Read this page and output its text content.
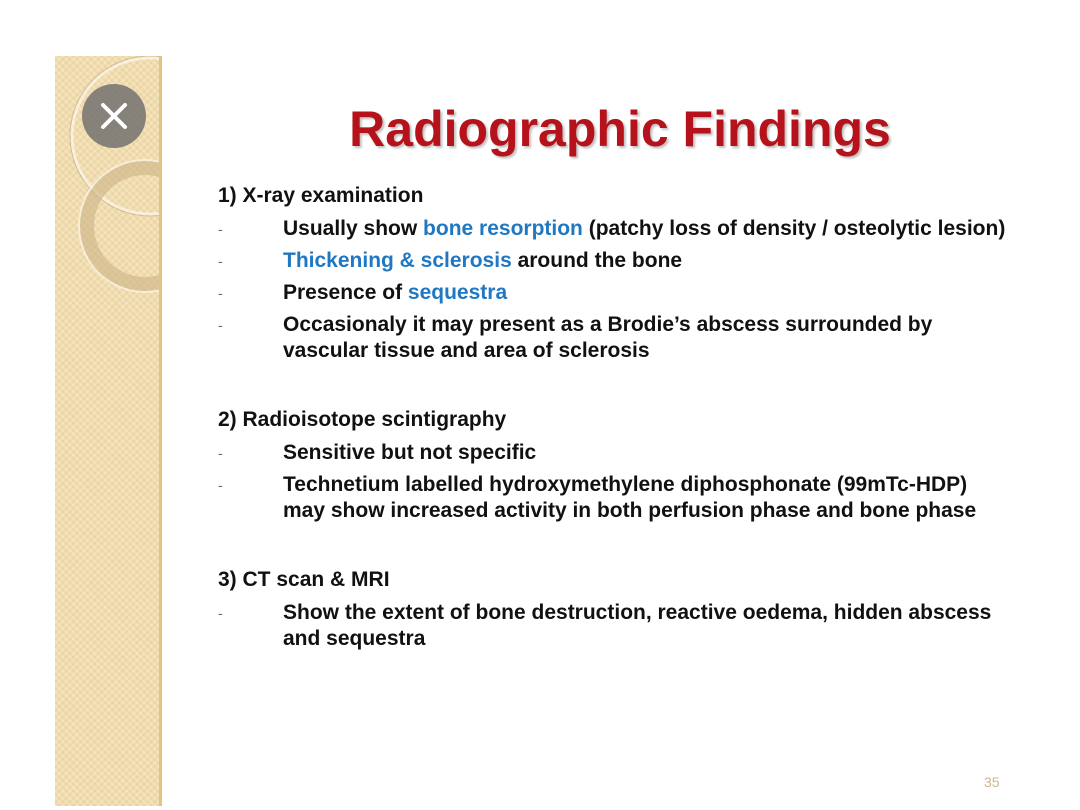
Radiographic Findings
1) X-ray examination
-	Usually show bone resorption (patchy loss of density / osteolytic lesion)
-	Thickening & sclerosis around the bone
-	Presence of sequestra
-	Occasionaly it may present as a Brodie’s abscess surrounded by vascular tissue and area of sclerosis
2) Radioisotope scintigraphy
-	Sensitive but not specific
-	Technetium labelled hydroxymethylene diphosphonate (99mTc-HDP) may show increased activity in both perfusion phase and bone phase
3) CT scan & MRI
-	Show the extent of bone destruction, reactive oedema, hidden abscess and sequestra
35
